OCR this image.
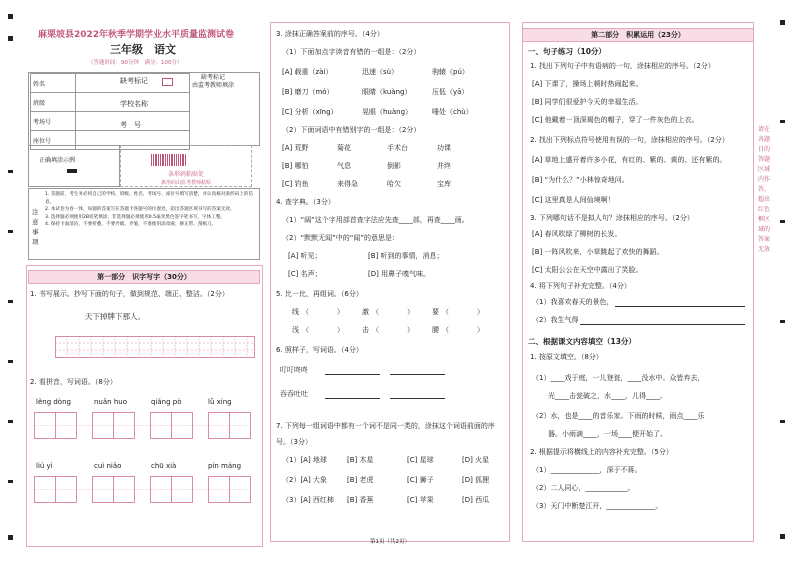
麻栗坡县2022年秋季学期学业水平质量监测试卷
三年级　语文
（答题时间：90分钟　满分：100分）
姓名	
班级	
考场号	
座位号	
缺考标记	缺考标记
由监考教师填涂
学校名称
考　号
条形码粘贴处
条形码由监考教师粘贴
正确填涂示例
注意事项
1. 答题前，考生务必将自己的学校、班级、姓名、考场号、座位号填写清楚，并认真核对条形码上的信息。
2. 本试卷为卷一体，每题的答案写在答题卡各题号的位置处，超出答题区域书写的答案无效。
3. 选择题必须使用2B铅笔填涂，非选择题必须使用0.5毫米黑色签字笔书写，字体工整。
4. 保持卡面清洁，不要折叠、不要弄破、弄皱，不准使用涂改液、修正带、刮纸刀。
第一部分　识字写字（30分）
1. 书写展示。抄写下面的句子，做到规范、端正、整洁。（2分）
天下掉牌下那人。
2. 看拼音，写词语。（8分）
lěng dòng	nuǎn huo	qiǎng pò	lǜ xíng
liú yì	cuì niǎo	chū xià	pín máng
3. 涂抹正确答案前的序号。（4分）
（1）下面加点字读音有错的一组是：（2分）
[A] 载重（zài）	迅速（sù）	驹辕（pú）
[B] 磨刀（mó）	眼睛（kuàng）	压低（yā）
[C] 分析（xīng）	晃眼（huàng）	唾处（chù）
（2）下面词语中有错别字的一组是：（2分）
[A] 荒野	菊花	手术台	功课
[B] 哪怕	气息	倒影	并终
[C] 钓鱼	来得急	哈欠	宝库
4. 查字典。（3分）
（1）“阔”这个字用部首查字法应先查____部，再查____画。
（2）“默默无闻”中的“闻”的意思是：
[A] 听见；	[B] 听到的事情，消息；
[C] 名声；	[D] 用鼻子嗅气味。
5. 比一比，再组词。（6分）
线 （　　　　）	激 （　　　　）	要 （　　　　）
浅 （　　　　）	击 （　　　　）	腰 （　　　　）
6. 照样子，写词语。（4分）
叮叮咚咚
吞吞吐吐
7. 下列每一组词语中都有一个词不是同一类的，涂抹这个词语前面的序号。（3分）
（1）[A] 地球	[B] 木星	[C] 星球	[D] 火星
（2）[A] 大象	[B] 老虎	[C] 狮子	[D] 狐狸
（3）[A] 西红柿 [B] 香蕉	[C] 苹果	[D] 西瓜
第1页（共2页）
第二部分　积累运用（23分）
一、句子练习（10分）
1. 找出下列句子中有语病的一句，涂抹相应的序号。（2分）
[A] 下课了，操场上顿时热闹起来。
[B] 同学们很爱护今天的幸福生活。
[C] 他戴着一顶深褐色的帽子，穿了一件灰色的上衣。
2. 找出下列标点符号使用有误的一句，涂抹相应的序号。（2分）
[A] 草地上盛开着许多小花，有红的、紫的、黄的、还有紫的。
[B] “为什么？”小林惊奇地问。
[C] 这里真是人间仙境啊！
3. 下列哪句话不是拟人句？涂抹相应的序号。（2分）
[A] 春风吹绿了柳树的长发。
[B] 一阵风吹来，小草跳起了欢快的舞蹈。
[C] 太阳公公在天空中露出了笑脸。
4. 将下列句子补充完整。（4分）
（1）我喜欢春天的景色，
（2）我生气得
二、根据课文内容填空（13分）
1. 按原文填空。（8分）
（1）____戏于庭，一儿登瓮，____没水中。众皆弃去，
光____击瓮破之，水____，儿得____。
（2）水，也是____的音乐家。下雨的时候，雨点____乐
器。小雨滴____，一场____便开始了。
2. 根据提示将横线上的内容补充完整。（5分）
（1）______________，深于不蒋。
（2）二人同心，____________。
（3）天门中断楚江开，______________。
请在各题目的答题区域内作答，超出红色框区域的答案无效
